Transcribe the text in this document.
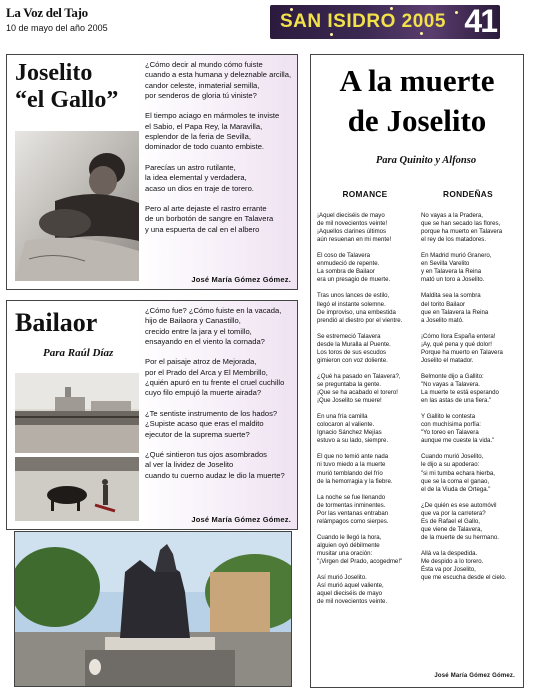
La Voz del Tajo
10 de mayo del año 2005	SAN ISIDRO 2005 41
Joselito
“el Gallo”
¿Cómo decir al mundo cómo fuiste
cuando a esta humana y deleznable arcilla,
candor celeste, inmaterial semilla,
por senderos de gloria tú viniste?

El tiempo aciago en mármoles te inviste
el Sabio, el Papa Rey, la Maravilla,
esplendor de la feria de Sevilla,
dominador de todo cuanto embiste.

Parecías un astro rutilante,
la idea elemental y verdadera,
acaso un dios en traje de torero.

Pero al arte dejaste el rastro errante
de un borbotón de sangre en Talavera
y una espuerta de cal en el albero
José María Gómez Gómez.
Bailaor
Para Raúl Díaz
¿Cómo fue? ¿Cómo fuiste en la vacada,
hijo de Bailaora y Canastillo,
crecido entre la jara y el tomillo,
ensayando en el viento la cornada?

Por el paisaje atroz de Mejorada,
por el Prado del Arca y El Membrillo,
¿quién apuró en tu frente el cruel cuchillo
cuyo filo empujó la muerte airada?

¿Te sentiste instrumento de los hados?
¿Supiste acaso que eras el maldito
ejecutor de la suprema suerte?

¿Qué sintieron tus ojos asombrados
al ver la lividez de Joselito
cuando tu cuerno audaz le dio la muerte?
José María Gómez Gómez.
A la muerte
de Joselito
Para Quinito y Alfonso
ROMANCE	RONDEÑAS
¡Aquel dieciséis de mayo
de mil novecientos veinte!
¡Aquellos clarines últimos
aún resuenan en mi mente!

El coso de Talavera
enmudeció de repente.
La sombra de Bailaor
era un presagio de muerte.

Tras unos lances de estilo,
llegó el instante solemne.
De improviso, una embestida
prendió al diestro por el vientre.

Se estremeció Talavera
desde la Muralla al Puente.
Los toros de sus escudos
gimieron con voz doliente.

¿Qué ha pasado en Talavera?,
se preguntaba la gente.
¡Que se ha acabado el torero!
¡Que Joselito se muere!

En una fría camilla
colocaron al valiente.
Ignacio Sánchez Mejías
estuvo a su lado, siempre.

El que no temió ante nada
ni tuvo miedo a la muerte
murió temblando del frío
de la hemorragia y la fiebre.

La noche se fue llenando
de tormentas inminentes.
Por las ventanas entraban
relámpagos como sierpes.

Cuando le llegó la hora,
alguien oyó débilmente
musitar una oración:
"¡Virgen del Prado, acogedme!"

Así murió Joselito.
Así murió aquel valiente,
aquel dieciséis de mayo
de mil novecientos veinte.
No vayas a la Pradera,
que se han secado las flores,
porque ha muerto en Talavera
el rey de los matadores.

En Madrid murió Granero,
en Sevilla Varelito
y en Talavera la Reina
mató un toro a Joselito.

Maldita sea la sombra
del torito Bailaor
que en Talavera la Reina
a Joselito mató.

¡Cómo llora España entera!
¡Ay, qué pena y qué dolor!
Porque ha muerto en Talavera
Joselito el matador.

Belmonte dijo a Gallito:
"No vayas a Talavera.
La muerte te está esperando
en las astas de una fiera."

Y Gallito le contesta
con muchísima porfía:
"Yo toreo en Talavera
aunque me cueste la vida."

Cuando murió Joselito,
le dijo a su apoderao:
"si mi tumba echara hierba,
que se la coma el ganao,
el de la Viuda de Ortega."

¿De quién es ese automóvil
que va por la carretera?
Es de Rafael el Gallo,
que viene de Talavera,
de la muerte de su hermano.

Allá va la despedida.
Me despido a lo torero.
Ésta va por Joselito,
que me escucha desde el cielo.
José María Gómez Gómez.
